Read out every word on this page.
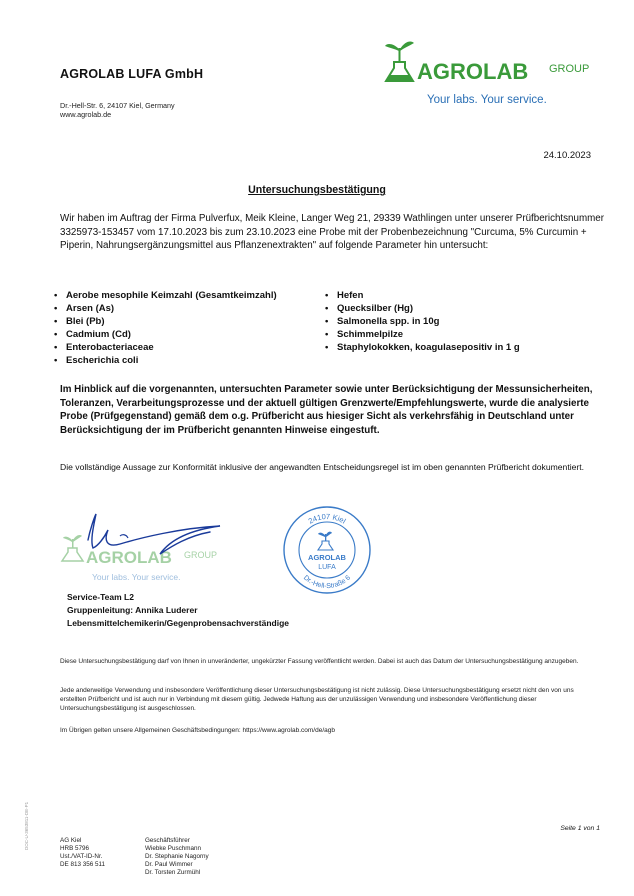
AGROLAB LUFA GmbH
Dr.-Hell-Str. 6, 24107 Kiel, Germany
www.agrolab.de
AGROLAB GROUP
Your labs. Your service.
24.10.2023
Untersuchungsbestätigung
Wir haben im Auftrag der Firma Pulverfux, Meik Kleine, Langer Weg 21, 29339 Wathlingen unter unserer Prüfberichtsnummer 3325973-153457 vom 17.10.2023 bis zum 23.10.2023 eine Probe mit der Probenbezeichnung "Curcuma, 5% Curcumin + Piperin, Nahrungsergänzungsmittel aus Pflanzenextrakten" auf folgende Parameter hin untersucht:
• Aerobe mesophile Keimzahl (Gesamtkeimzahl)
• Arsen (As)
• Blei (Pb)
• Cadmium (Cd)
• Enterobacteriaceae
• Escherichia coli
• Hefen
• Quecksilber (Hg)
• Salmonella spp. in 10g
• Schimmelpilze
• Staphylokokken, koagulasepositiv in 1 g
Im Hinblick auf die vorgenannten, untersuchten Parameter sowie unter Berücksichtigung der Messunsicherheiten, Toleranzen, Verarbeitungsprozesse und der aktuell gültigen Grenzwerte/Empfehlungswerte, wurde die analysierte Probe (Prüfgegenstand) gemäß dem o.g. Prüfbericht aus hiesiger Sicht als verkehrsfähig in Deutschland unter Berücksichtigung der im Prüfbericht genannten Hinweise eingestuft.
Die vollständige Aussage zur Konformität inklusive der angewandten Entscheidungsregel ist im oben genannten Prüfbericht dokumentiert.
AGROLAB GROUP
Your labs. Your service.
24107 Kiel
Dr.-Hell-Straße 6
AGROLAB
LUFA
Service-Team L2
Gruppenleitung: Annika Luderer
Lebensmittelchemikerin/Gegenprobensachverständige
Diese Untersuchungsbestätigung darf von Ihnen in unveränderter, ungekürzter Fassung veröffentlicht werden. Dabei ist auch das Datum der Untersuchungsbestätigung anzugeben.
Jede anderweitige Verwendung und insbesondere Veröffentlichung dieser Untersuchungsbestätigung ist nicht zulässig. Diese Untersuchungsbestätigung ersetzt nicht den von uns erstellten Prüfbericht und ist auch nur in Verbindung mit diesem gültig. Jedwede Haftung aus der unzulässigen Verwendung und insbesondere Veröffentlichung dieser Untersuchungsbestätigung ist ausgeschlossen.
Im Übrigen gelten unsere Allgemeinen Geschäftsbedingungen: https://www.agrolab.com/de/agb
Seite 1 von 1
AG Kiel
HRB 5796
Ust./VAT-ID-Nr.
DE 813 356 511
Geschäftsführer
Wiebke Puschmann
Dr. Stephanie Nagorny
Dr. Paul Wimmer
Dr. Torsten Zurmühl
DOC-U-3653811-DE-P1
